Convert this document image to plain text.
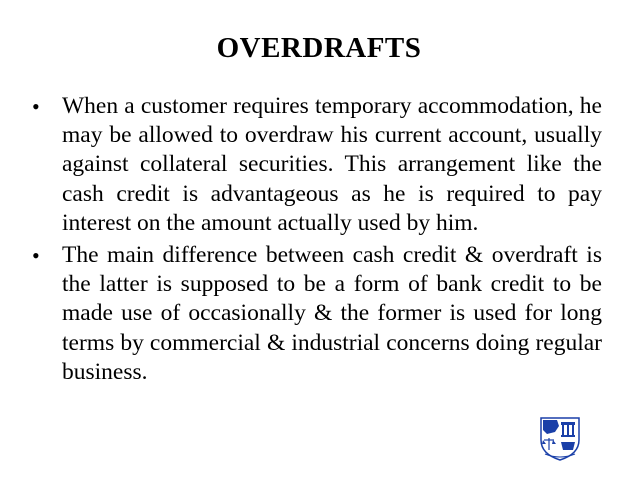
OVERDRAFTS
• When a customer requires temporary accommodation, he may be allowed to overdraw his current account, usually against collateral securities. This arrangement like the cash credit is advantageous as he is required to pay interest on the amount actually used by him.
• The main difference between cash credit & overdraft is the latter is supposed to be a form of bank credit to be made use of occasionally & the former is used for long terms by commercial & industrial concerns doing regular business.
